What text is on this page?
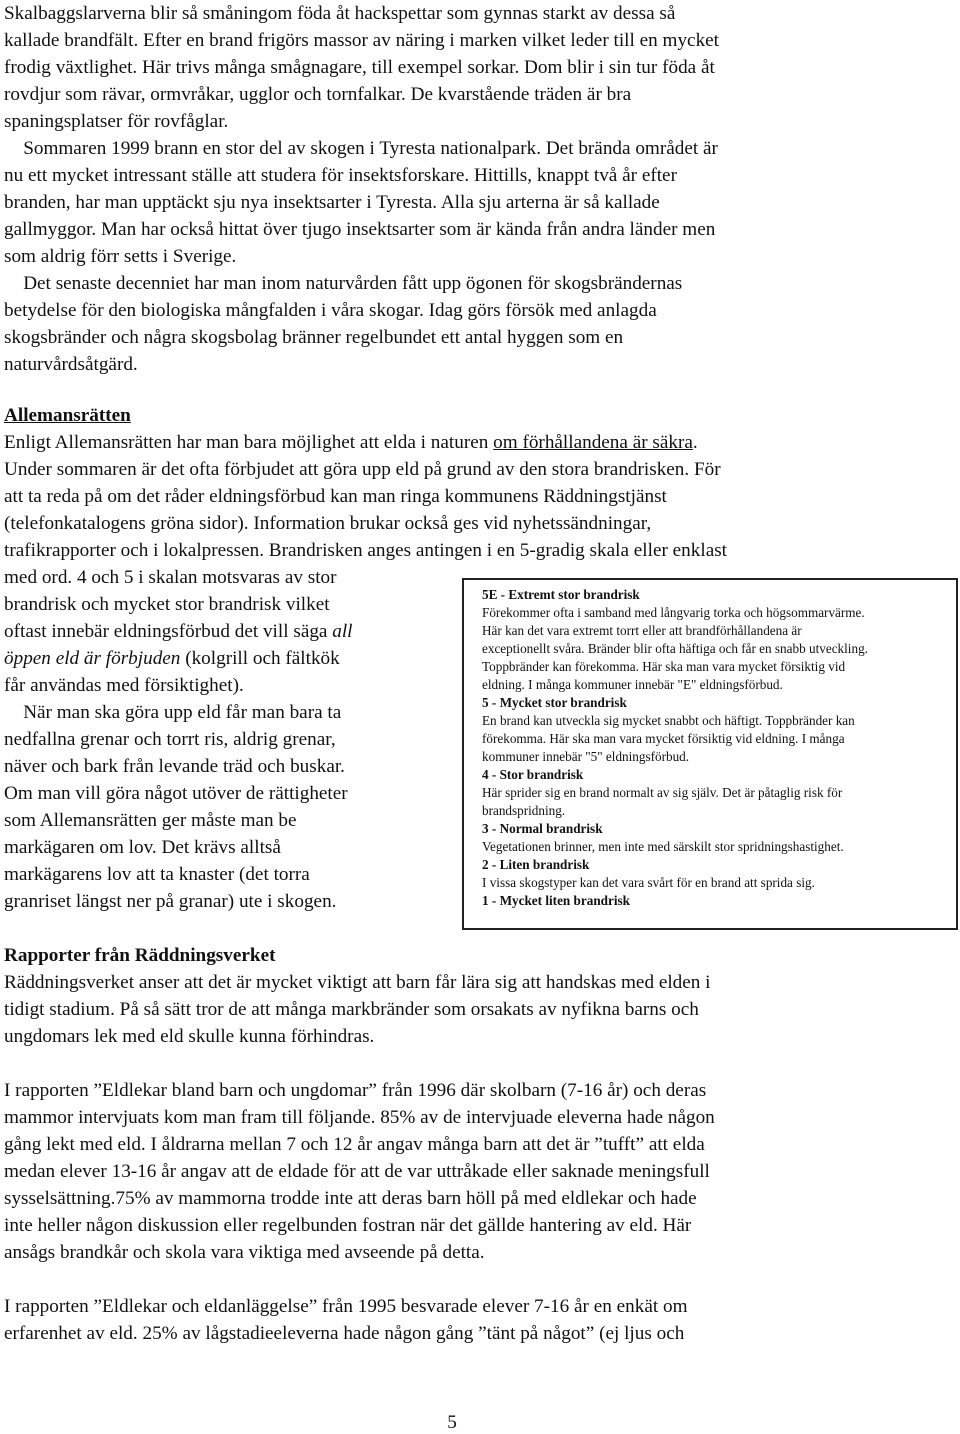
Skalbaggslarverna blir så småningom föda åt hackspettar som gynnas starkt av dessa så
kallade brandfält. Efter en brand frigörs massor av näring i marken vilket leder till en mycket
frodig växtlighet. Här trivs många smågnagare, till exempel sorkar. Dom blir i sin tur föda åt
rovdjur som rävar, ormvråkar, ugglor och tornfalkar. De kvarstående träden är bra
spaningsplatser för rovfåglar.
Sommaren 1999 brann en stor del av skogen i Tyresta nationalpark. Det brända området är
nu ett mycket intressant ställe att studera för insektsforskare. Hittills, knappt två år efter
branden, har man upptäckt sju nya insektsarter i Tyresta. Alla sju arterna är så kallade
gallmyggor. Man har också hittat över tjugo insektsarter som är kända från andra länder men
som aldrig förr setts i Sverige.
Det senaste decenniet har man inom naturvården fått upp ögonen för skogsbrändernas
betydelse för den biologiska mångfalden i våra skogar. Idag görs försök med anlagda
skogsbränder och några skogsbolag bränner regelbundet ett antal hyggen som en
naturvårdsåtgärd.
Allemansrätten
Enligt Allemansrätten har man bara möjlighet att elda i naturen om förhållandena är säkra.
Under sommaren är det ofta förbjudet att göra upp eld på grund av den stora brandrisken. För
att ta reda på om det råder eldningsförbud kan man ringa kommunens Räddningstjänst
(telefonkatalogens gröna sidor). Information brukar också ges vid nyhetssändningar,
trafikrapporter och i lokalpressen. Brandrisken anges antingen i en 5-gradig skala eller enklast
med ord. 4 och 5 i skalan motsvaras av stor
brandrisk och mycket stor brandrisk vilket
oftast innebär eldningsförbud det vill säga all
öppen eld är förbjuden (kolgrill och fältkök
får användas med försiktighet).
När man ska göra upp eld får man bara ta
nedfallna grenar och torrt ris, aldrig grenar,
näver och bark från levande träd och buskar.
Om man vill göra något utöver de rättigheter
som Allemansrätten ger måste man be
markägaren om lov. Det krävs alltså
markägarens lov att ta knaster (det torra
granriset längst ner på granar) ute i skogen.
5E - Extremt stor brandrisk
Förekommer ofta i samband med långvarig torka och högsommarvärme.
Här kan det vara extremt torrt eller att brandförhållandena är
exceptionellt svåra. Bränder blir ofta häftiga och får en snabb utveckling.
Toppbränder kan förekomma. Här ska man vara mycket försiktig vid
eldning. I många kommuner innebär "E" eldningsförbud.
5 - Mycket stor brandrisk
En brand kan utveckla sig mycket snabbt och häftigt. Toppbränder kan
förekomma. Här ska man vara mycket försiktig vid eldning. I många
kommuner innebär "5" eldningsförbud.
4 - Stor brandrisk
Här sprider sig en brand normalt av sig själv. Det är påtaglig risk för
brandspridning.
3 - Normal brandrisk
Vegetationen brinner, men inte med särskilt stor spridningshastighet.
2 - Liten brandrisk
I vissa skogstyper kan det vara svårt för en brand att sprida sig.
1 - Mycket liten brandrisk
Rapporter från Räddningsverket
Räddningsverket anser att det är mycket viktigt att barn får lära sig att handskas med elden i
tidigt stadium. På så sätt tror de att många markbränder som orsakats av nyfikna barns och
ungdomars lek med eld skulle kunna förhindras.
I rapporten ”Eldlekar bland barn och ungdomar” från 1996 där skolbarn (7-16 år) och deras
mammor intervjuats kom man fram till följande. 85% av de intervjuade eleverna hade någon
gång lekt med eld. I åldrarna mellan 7 och 12 år angav många barn att det är ”tufft” att elda
medan elever 13-16 år angav att de eldade för att de var uttråkade eller saknade meningsfull
sysselsättning.75% av mammorna trodde inte att deras barn höll på med eldlekar och hade
inte heller någon diskussion eller regelbunden fostran när det gällde hantering av eld. Här
ansågs brandkår och skola vara viktiga med avseende på detta.
I rapporten ”Eldlekar och eldanläggelse” från 1995 besvarade elever 7-16 år en enkät om
erfarenhet av eld. 25% av lågstadieeleverna hade någon gång ”tänt på något” (ej ljus och
5
